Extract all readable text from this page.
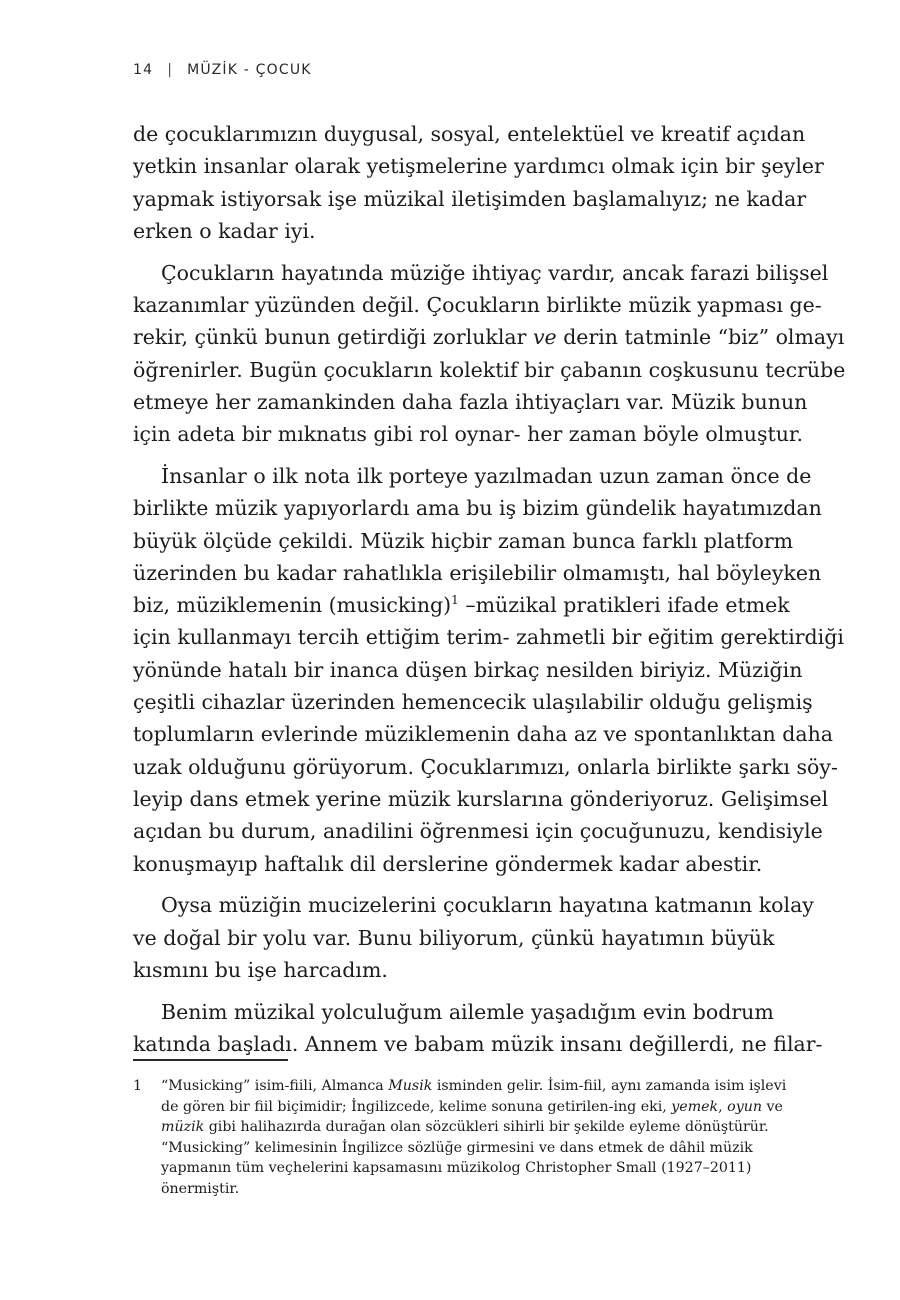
14 | MÜZİK - ÇOCUK

de çocuklarımızın duygusal, sosyal, entelektüel ve kreatif açıdan
yetkin insanlar olarak yetişmelerine yardımcı olmak için bir şeyler
yapmak istiyorsak işe müzikal iletişimden başlamalıyız; ne kadar
erken o kadar iyi.

Çocukların hayatında müziğe ihtiyaç vardır, ancak farazi bilişsel
kazanımlar yüzünden değil. Çocukların birlikte müzik yapması ge-
rekir, çünkü bunun getirdiği zorluklar ve derin tatminle “biz” olmayı
öğrenirler. Bugün çocukların kolektif bir çabanın coşkusunu tecrübe
etmeye her zamankinden daha fazla ihtiyaçları var. Müzik bunun
için adeta bir mıknatıs gibi rol oynar- her zaman böyle olmuştur.

İnsanlar o ilk nota ilk porteye yazılmadan uzun zaman önce de
birlikte müzik yapıyorlardı ama bu iş bizim gündelik hayatımızdan
büyük ölçüde çekildi. Müzik hiçbir zaman bunca farklı platform
üzerinden bu kadar rahatlıkla erişilebilir olmamıştı, hal böyleyken
biz, müziklemenin (musicking)$^1$ –müzikal pratikleri ifade etmek
için kullanmayı tercih ettiğim terim- zahmetli bir eğitim gerektirdiği
yönünde hatalı bir inanca düşen birkaç nesilden biriyiz. Müziğin
çeşitli cihazlar üzerinden hemencecik ulaşılabilir olduğu gelişmiş
toplumların evlerinde müziklemenin daha az ve spontanlıktan daha
uzak olduğunu görüyorum. Çocuklarımızı, onlarla birlikte şarkı söy-
leyip dans etmek yerine müzik kurslarına gönderiyoruz. Gelişimsel
açıdan bu durum, anadilini öğrenmesi için çocuğunuzu, kendisiyle
konuşmayıp haftalık dil derslerine göndermek kadar abestir.

Oysa müziğin mucizelerini çocukların hayatına katmanın kolay
ve doğal bir yolu var. Bunu biliyorum, çünkü hayatımın büyük
kısmını bu işe harcadım.

Benim müzikal yolculuğum ailemle yaşadığım evin bodrum
katında başladı. Annem ve babam müzik insanı değillerdi, ne filar-

1 “Musicking” isim-fiili, Almanca Musik isminden gelir. İsim-fiil, aynı zamanda isim işlevi
de gören bir fiil biçimidir; İngilizcede, kelime sonuna getirilen-ing eki, yemek, oyun ve
müzik gibi halihazırda durağan olan sözcükleri sihirli bir şekilde eyleme dönüştürür.
“Musicking” kelimesinin İngilizce sözlüğe girmesini ve dans etmek de dâhil müzik
yapmanın tüm veçhelerini kapsamasını müzikolog Christopher Small (1927–2011)
önermiştir.
